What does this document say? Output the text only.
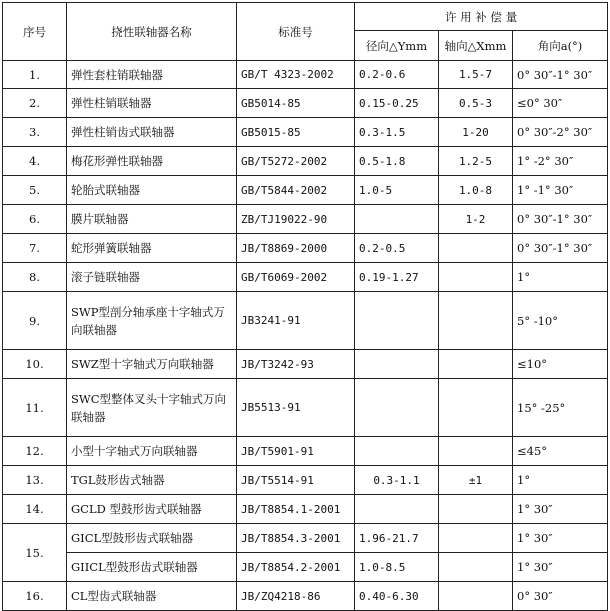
序号	挠性联轴器名称	标准号	许 用 补 偿 量		
			径向△Ymm	轴向△Xmm	角向a(°)
1.	弹性套柱销联轴器	GB/T 4323-2002	0.2-0.6	1.5-7	0° 30″-1° 30″
2.	弹性柱销联轴器	GB5014-85	0.15-0.25	0.5-3	≤0° 30″
3.	弹性柱销齿式联轴器	GB5015-85	0.3-1.5	1-20	0° 30″-2° 30″
4.	梅花形弹性联轴器	GB/T5272-2002	0.5-1.8	1.2-5	1° -2° 30″
5.	轮胎式联轴器	GB/T5844-2002	1.0-5	1.0-8	1° -1° 30″
6.	膜片联轴器	ZB/TJ19022-90		1-2	0° 30″-1° 30″
7.	蛇形弹簧联轴器	JB/T8869-2000	0.2-0.5		0° 30″-1° 30″
8.	滚子链联轴器	GB/T6069-2002	0.19-1.27		1°
9.	SWP型剖分轴承座十字轴式万向联轴器	JB3241-91			5° -10°
10.	SWZ型十字轴式万向联轴器	JB/T3242-93			≤10°
11.	SWC型整体叉头十字轴式万向联轴器	JB5513-91			15° -25°
12.	小型十字轴式万向联轴器	JB/T5901-91			≤45°
13.	TGL鼓形齿式轴器	JB/T5514-91	0.3-1.1	±1	1°
14.	GCLD 型鼓形齿式联轴器	JB/T8854.1-2001			1° 30″
15.	GICL型鼓形齿式联轴器	JB/T8854.3-2001	1.96-21.7		1° 30″
	GIICL型鼓形齿式联轴器	JB/T8854.2-2001	1.0-8.5		1° 30″
16.	CL型齿式联轴器	JB/ZQ4218-86	0.40-6.30		0° 30″
